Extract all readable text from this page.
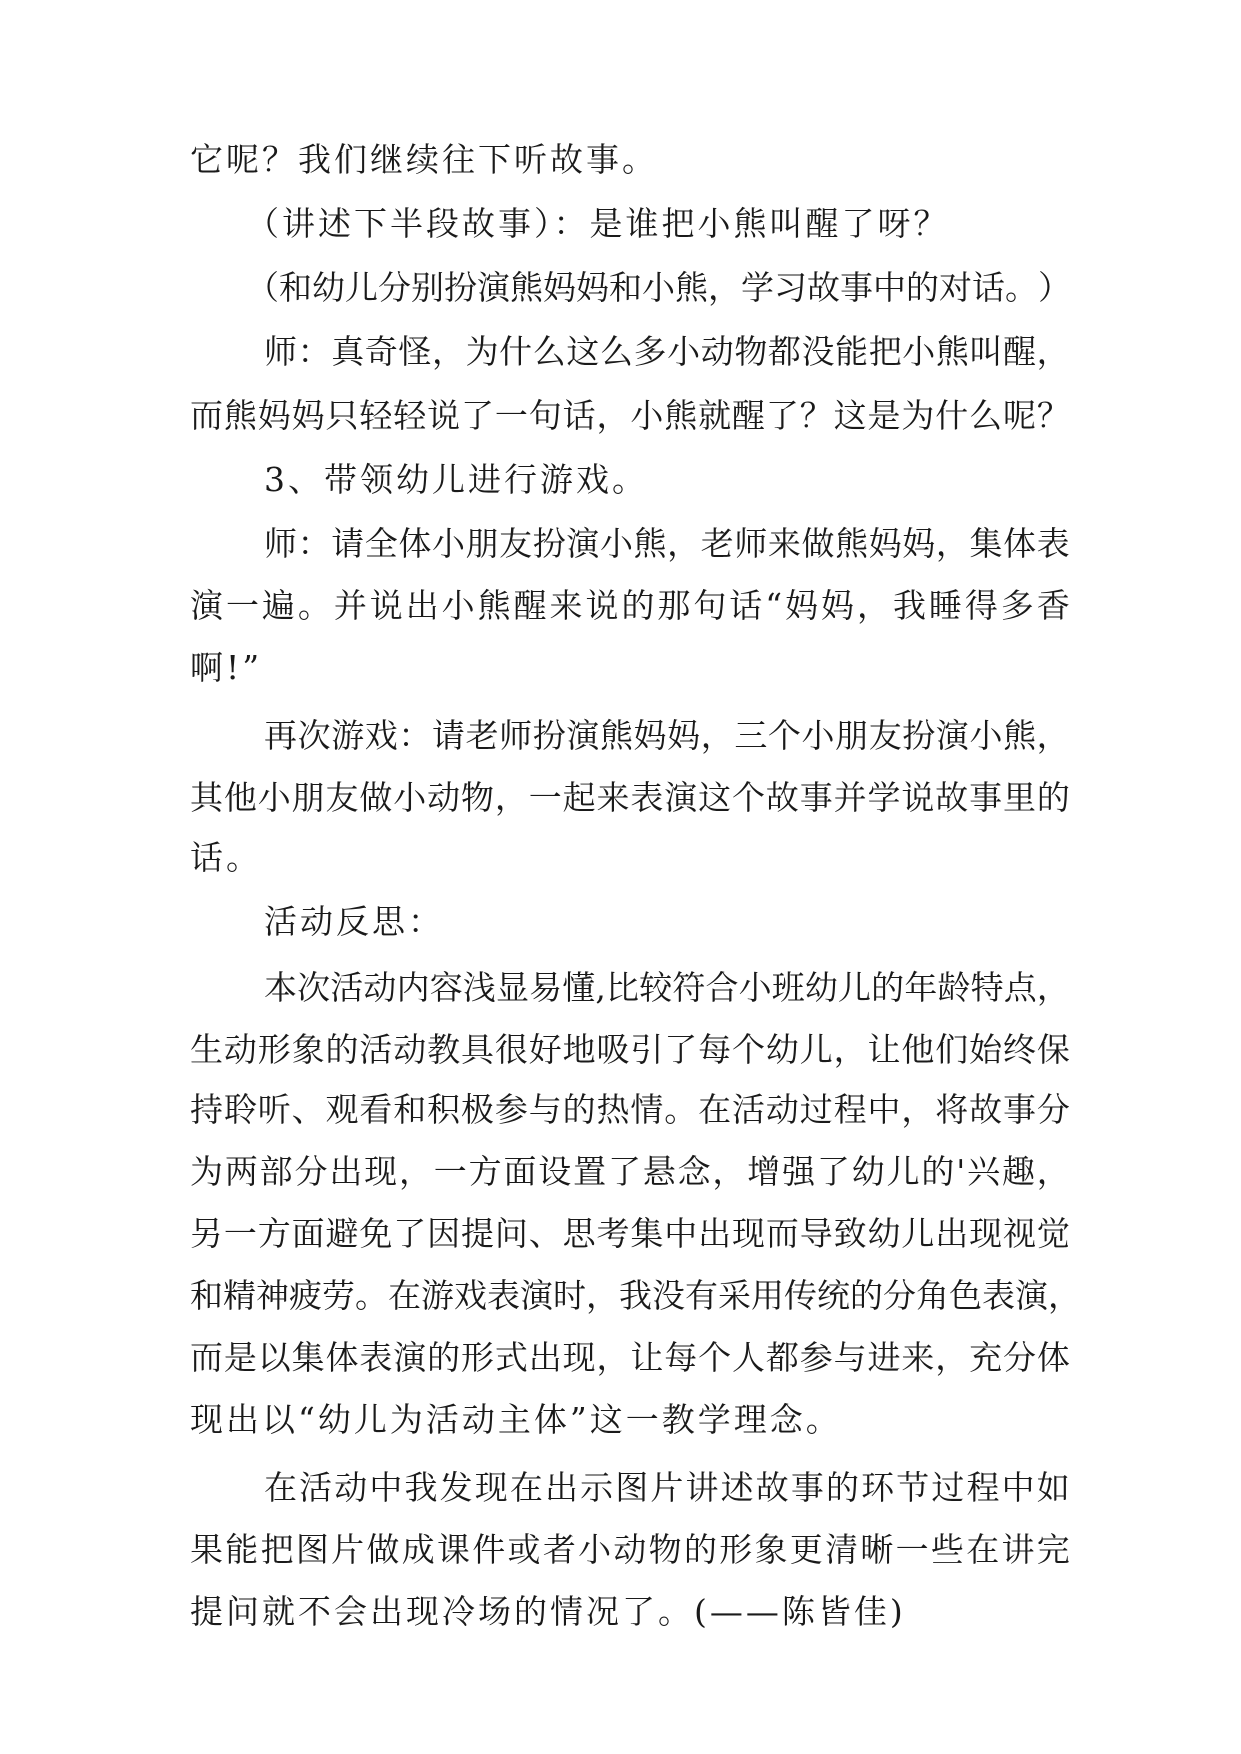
它呢？我们继续往下听故事。
（讲述下半段故事）：是谁把小熊叫醒了呀？
（ 和 幼 儿 分 别 扮 演 熊 妈 妈 和 小 熊 ， 学 习 故 事 中 的 对 话 。 ）
师 ： 真 奇 怪 ， 为 什 么 这 么 多 小 动 物 都 没 能 把 小 熊 叫 醒 ，
而 熊 妈 妈 只 轻 轻 说 了 一 句 话 ， 小 熊 就 醒 了 ？ 这 是 为 什 么 呢 ？
3、带领幼儿进行游戏。
师 ： 请 全 体 小 朋 友 扮 演 小 熊 ， 老 师 来 做 熊 妈 妈 ， 集 体 表
演 一 遍 。 并 说 出 小 熊 醒 来 说 的 那 句 话 “ 妈 妈 ， 我 睡 得 多 香
啊!”
再 次 游 戏 ： 请 老 师 扮 演 熊 妈 妈 ， 三 个 小 朋 友 扮 演 小 熊 ，
其 他 小 朋 友 做 小 动 物 ， 一 起 来 表 演 这 个 故 事 并 学 说 故 事 里 的
话。
活动反思：
本 次 活 动 内 容 浅 显 易 懂 , 比 较 符 合 小 班 幼 儿 的 年 龄 特 点 ，
生 动 形 象 的 活 动 教 具 很 好 地 吸 引 了 每 个 幼 儿 ， 让 他 们 始 终 保
持 聆 听 、 观 看 和 积 极 参 与 的 热 情 。 在 活 动 过 程 中 ， 将 故 事 分
为 两 部 分 出 现 ， 一 方 面 设 置 了 悬 念 ， 增 强 了 幼 儿 的 ' 兴 趣 ，
另 一 方 面 避 免 了 因 提 问 、 思 考 集 中 出 现 而 导 致 幼 儿 出 现 视 觉
和 精 神 疲 劳 。 在 游 戏 表 演 时 ， 我 没 有 采 用 传 统 的 分 角 色 表 演 ，
而 是 以 集 体 表 演 的 形 式 出 现 ， 让 每 个 人 都 参 与 进 来 ， 充 分 体
现出以“幼儿为活动主体”这一教学理念。
在 活 动 中 我 发 现 在 出 示 图 片 讲 述 故 事 的 环 节 过 程 中 如
果 能 把 图 片 做 成 课 件 或 者 小 动 物 的 形 象 更 清 晰 一 些 在 讲 完
提问就不会出现冷场的情况了。(——陈皆佳)
